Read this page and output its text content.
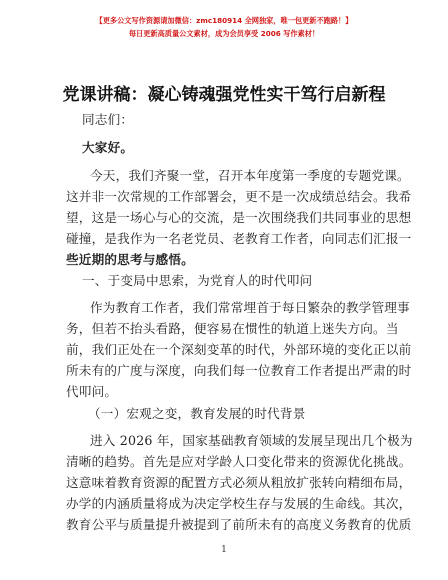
【更多公文写作资源请加微信：zmc180914 全网独家，唯一包更新不跑路！】
每日更新高质量公文素材，成为会员享受 2006 写作素材！
党课讲稿：凝心铸魂强党性实干笃行启新程
同志们：
大家好。
今天，我们齐聚一堂，召开本年度第一季度的专题党课。
这并非一次常规的工作部署会，更不是一次成绩总结会。我希
望，这是一场心与心的交流，是一次围绕我们共同事业的思想
碰撞，是我作为一名老党员、老教育工作者，向同志们汇报一
些近期的思考与感悟。
一、于变局中思索，为党育人的时代叩问
作为教育工作者，我们常常埋首于每日繁杂的教学管理事
务，但若不抬头看路，便容易在惯性的轨道上迷失方向。当
前，我们正处在一个深刻变革的时代，外部环境的变化正以前
所未有的广度与深度，向我们每一位教育工作者提出严肃的时
代叩问。
（一）宏观之变，教育发展的时代背景
进入 2026 年，国家基础教育领域的发展呈现出几个极为
清晰的趋势。首先是应对学龄人口变化带来的资源优化挑战。
这意味着教育资源的配置方式必须从粗放扩张转向精细布局，
办学的内涵质量将成为决定学校生存与发展的生命线。其次，
教育公平与质量提升被提到了前所未有的高度义务教育的优质
1
